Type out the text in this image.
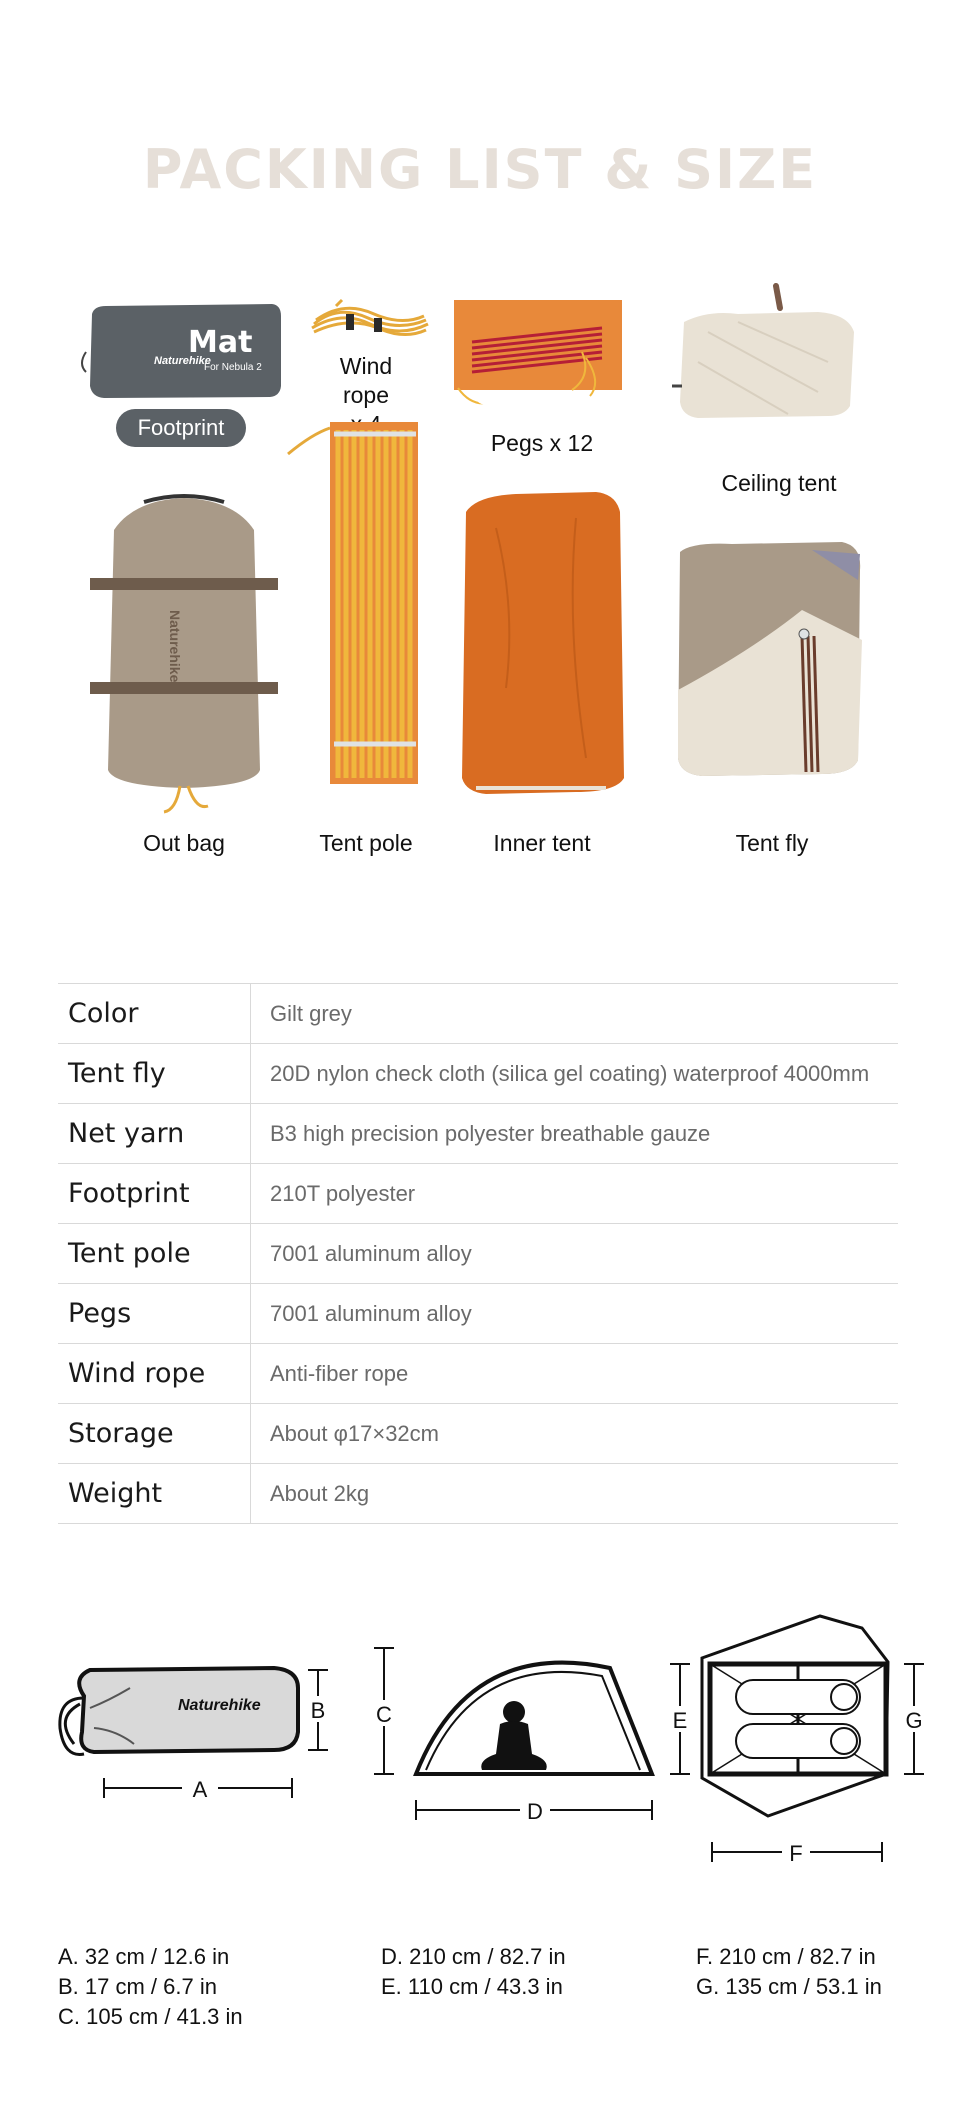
PACKING LIST & SIZE
Naturehike
Mat
For Nebula 2
Footprint
Wind rope

Pegs x 12
Ceiling tent
Naturehike
Out bag	Tent pole	Inner tent	Tent fly
Color	Gilt grey
Tent fly	20D nylon check cloth (silica gel coating) waterproof 4000mm
Net yarn	B3 high precision polyester breathable gauze
Footprint	210T polyester
Tent pole	7001 aluminum alloy
Pegs	7001 aluminum alloy
Wind rope	Anti-fiber rope
Storage	About φ17×32cm
Weight	About 2kg
Naturehike
A
B C
D
E	G
F
A. 32 cm / 12.6 in
B. 17 cm / 6.7 in
C. 105 cm / 41.3 in
D. 210 cm / 82.7 in
E. 110 cm / 43.3 in
F. 210 cm / 82.7 in
G. 135 cm / 53.1 in
